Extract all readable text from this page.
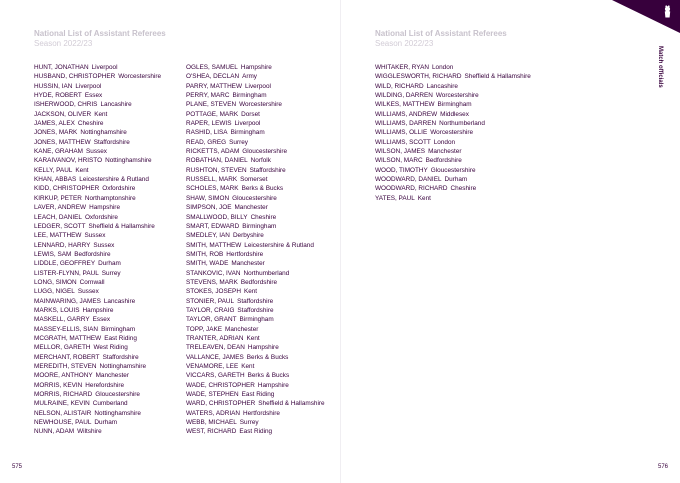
National List of Assistant Referees
Season 2022/23
National List of Assistant Referees
Season 2022/23
HUNT, JONATHAN Liverpool
HUSBAND, CHRISTOPHER Worcestershire
HUSSIN, IAN Liverpool
HYDE, ROBERT Essex
ISHERWOOD, CHRIS Lancashire
JACKSON, OLIVER Kent
JAMES, ALEX Cheshire
JONES, MARK Nottinghamshire
JONES, MATTHEW Staffordshire
KANE, GRAHAM Sussex
KARAIVANOV, HRISTO Nottinghamshire
KELLY, PAUL Kent
KHAN, ABBAS Leicestershire & Rutland
KIDD, CHRISTOPHER Oxfordshire
KIRKUP, PETER Northamptonshire
LAVER, ANDREW Hampshire
LEACH, DANIEL Oxfordshire
LEDGER, SCOTT Sheffield & Hallamshire
LEE, MATTHEW Sussex
LENNARD, HARRY Sussex
LEWIS, SAM Bedfordshire
LIDDLE, GEOFFREY Durham
LISTER-FLYNN, PAUL Surrey
LONG, SIMON Cornwall
LUGG, NIGEL Sussex
MAINWARING, JAMES Lancashire
MARKS, LOUIS Hampshire
MASKELL, GARRY Essex
MASSEY-ELLIS, SIAN Birmingham
MCGRATH, MATTHEW East Riding
MELLOR, GARETH West Riding
MERCHANT, ROBERT Staffordshire
MEREDITH, STEVEN Nottinghamshire
MOORE, ANTHONY Manchester
MORRIS, KEVIN Herefordshire
MORRIS, RICHARD Gloucestershire
MULRAINE, KEVIN Cumberland
NELSON, ALISTAIR Nottinghamshire
NEWHOUSE, PAUL Durham
NUNN, ADAM Wiltshire
OGLES, SAMUEL Hampshire
O'SHEA, DECLAN Army
PARRY, MATTHEW Liverpool
PERRY, MARC Birmingham
PLANE, STEVEN Worcestershire
POTTAGE, MARK Dorset
RAPER, LEWIS Liverpool
RASHID, LISA Birmingham
READ, GREG Surrey
RICKETTS, ADAM Gloucestershire
ROBATHAN, DANIEL Norfolk
RUSHTON, STEVEN Staffordshire
RUSSELL, MARK Somerset
SCHOLES, MARK Berks & Bucks
SHAW, SIMON Gloucestershire
SIMPSON, JOE Manchester
SMALLWOOD, BILLY Cheshire
SMART, EDWARD Birmingham
SMEDLEY, IAN Derbyshire
SMITH, MATTHEW Leicestershire & Rutland
SMITH, ROB Hertfordshire
SMITH, WADE Manchester
STANKOVIC, IVAN Northumberland
STEVENS, MARK Bedfordshire
STOKES, JOSEPH Kent
STONIER, PAUL Staffordshire
TAYLOR, CRAIG Staffordshire
TAYLOR, GRANT Birmingham
TOPP, JAKE Manchester
TRANTER, ADRIAN Kent
TRELEAVEN, DEAN Hampshire
VALLANCE, JAMES Berks & Bucks
VENAMORE, LEE Kent
VICCARS, GARETH Berks & Bucks
WADE, CHRISTOPHER Hampshire
WADE, STEPHEN East Riding
WARD, CHRISTOPHER Sheffield & Hallamshire
WATERS, ADRIAN Hertfordshire
WEBB, MICHAEL Surrey
WEST, RICHARD East Riding
WHITAKER, RYAN London
WIGGLESWORTH, RICHARD Sheffield & Hallamshire
WILD, RICHARD Lancashire
WILDING, DARREN Worcestershire
WILKES, MATTHEW Birmingham
WILLIAMS, ANDREW Middlesex
WILLIAMS, DARREN Northumberland
WILLIAMS, OLLIE Worcestershire
WILLIAMS, SCOTT London
WILSON, JAMES Manchester
WILSON, MARC Bedfordshire
WOOD, TIMOTHY Gloucestershire
WOODWARD, DANIEL Durham
WOODWARD, RICHARD Cheshire
YATES, PAUL Kent
Match officials
575	576
